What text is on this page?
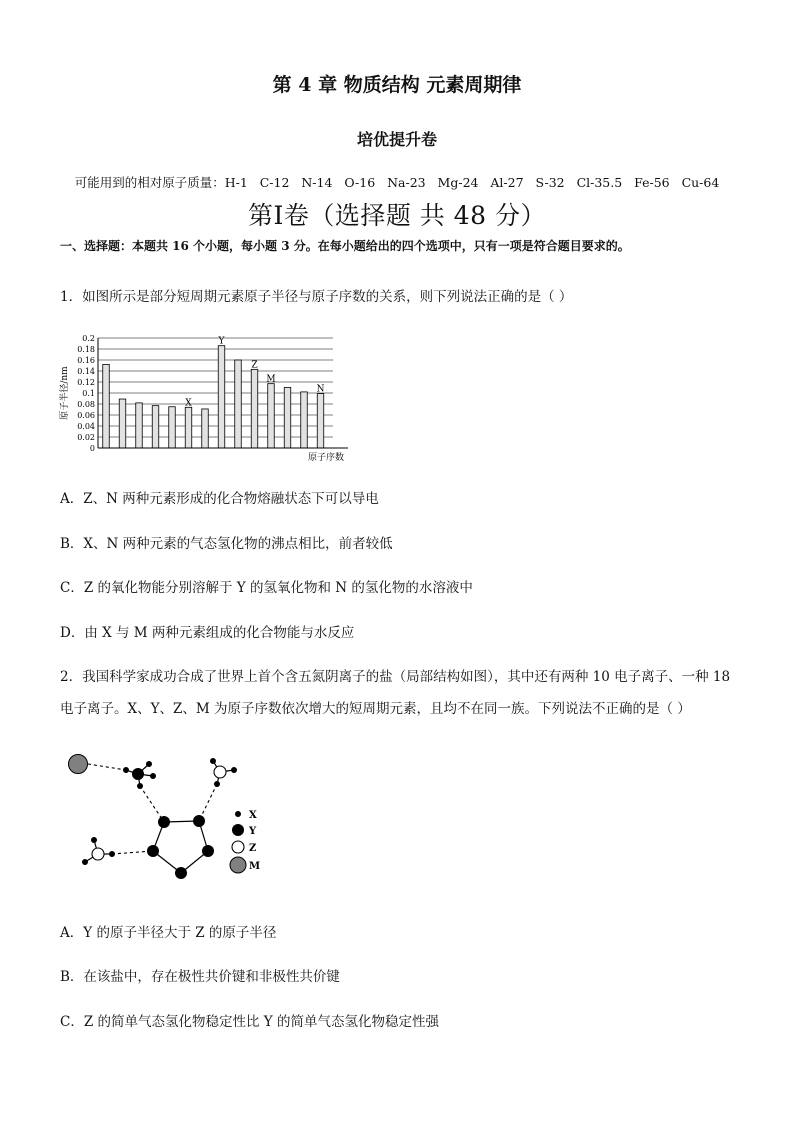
第 4 章 物质结构 元素周期律
培优提升卷
可能用到的相对原子质量：H-1 C-12 N-14 O-16 Na-23 Mg-24 Al-27 S-32 Cl-35.5 Fe-56 Cu-64
第Ⅰ卷（选择题 共 48 分）
一、选择题：本题共 16 个小题，每小题 3 分。在每小题给出的四个选项中，只有一项是符合题目要求的。
1．如图所示是部分短周期元素原子半径与原子序数的关系，则下列说法正确的是（ ）
0
0.02
0.04
0.06
0.08
0.1
0.12
0.14
0.16
0.18
0.2
X
Y
Z
M
N
原子序数
原子半径/nm
A．Z、N 两种元素形成的化合物熔融状态下可以导电
B．X、N 两种元素的气态氢化物的沸点相比，前者较低
C．Z 的氧化物能分别溶解于 Y 的氢氧化物和 N 的氢化物的水溶液中
D．由 X 与 M 两种元素组成的化合物能与水反应
2．我国科学家成功合成了世界上首个含五氮阴离子的盐（局部结构如图），其中还有两种 10 电子离子、一种 18
电子离子。X、Y、Z、M 为原子序数依次增大的短周期元素，且均不在同一族。下列说法不正确的是（ ）
X
Y
Z
M
A．Y 的原子半径大于 Z 的原子半径
B．在该盐中，存在极性共价键和非极性共价键
C．Z 的简单气态氢化物稳定性比 Y 的简单气态氢化物稳定性强
